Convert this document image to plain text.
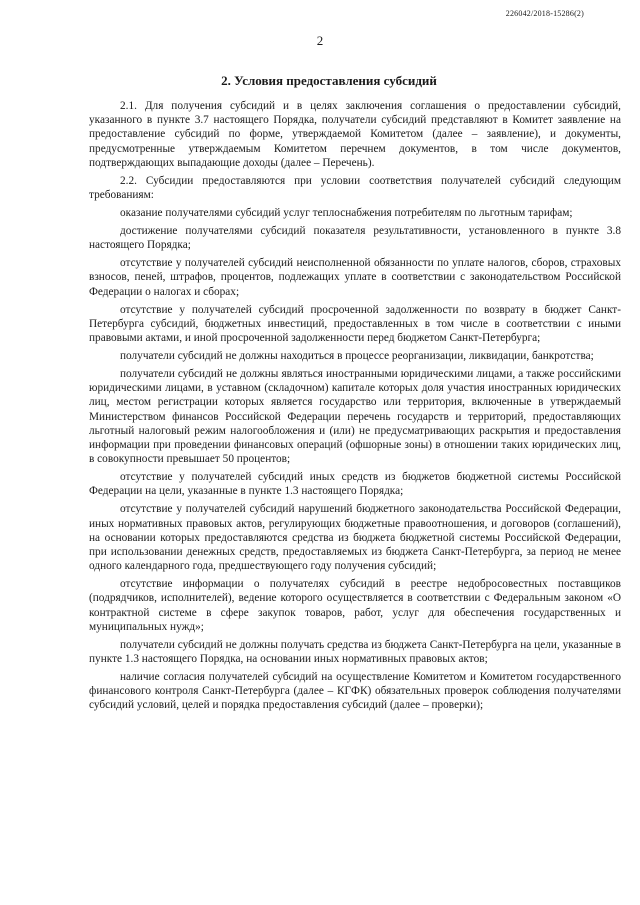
226042/2018-15286(2)
2
2. Условия предоставления субсидий

2.1. Для получения субсидий и в целях заключения соглашения о предоставлении субсидий, указанного в пункте 3.7 настоящего Порядка, получатели субсидий представляют в Комитет заявление на предоставление субсидий по форме, утверждаемой Комитетом (далее – заявление), и документы, предусмотренные утверждаемым Комитетом перечнем документов, в том числе документов, подтверждающих выпадающие доходы (далее – Перечень).

2.2. Субсидии предоставляются при условии соответствия получателей субсидий следующим требованиям:

оказание получателями субсидий услуг теплоснабжения потребителям по льготным тарифам;

достижение получателями субсидий показателя результативности, установленного в пункте 3.8 настоящего Порядка;

отсутствие у получателей субсидий неисполненной обязанности по уплате налогов, сборов, страховых взносов, пеней, штрафов, процентов, подлежащих уплате в соответствии с законодательством Российской Федерации о налогах и сборах;

отсутствие у получателей субсидий просроченной задолженности по возврату в бюджет Санкт-Петербурга субсидий, бюджетных инвестиций, предоставленных в том числе в соответствии с иными правовыми актами, и иной просроченной задолженности перед бюджетом Санкт-Петербурга;

получатели субсидий не должны находиться в процессе реорганизации, ликвидации, банкротства;

получатели субсидий не должны являться иностранными юридическими лицами, а также российскими юридическими лицами, в уставном (складочном) капитале которых доля участия иностранных юридических лиц, местом регистрации которых является государство или территория, включенные в утверждаемый Министерством финансов Российской Федерации перечень государств и территорий, предоставляющих льготный налоговый режим налогообложения и (или) не предусматривающих раскрытия и предоставления информации при проведении финансовых операций (офшорные зоны) в отношении таких юридических лиц, в совокупности превышает 50 процентов;

отсутствие у получателей субсидий иных средств из бюджетов бюджетной системы Российской Федерации на цели, указанные в пункте 1.3 настоящего Порядка;

отсутствие у получателей субсидий нарушений бюджетного законодательства Российской Федерации, иных нормативных правовых актов, регулирующих бюджетные правоотношения, и договоров (соглашений), на основании которых предоставляются средства из бюджета бюджетной системы Российской Федерации, при использовании денежных средств, предоставляемых из бюджета Санкт-Петербурга, за период не менее одного календарного года, предшествующего году получения субсидий;

отсутствие информации о получателях субсидий в реестре недобросовестных поставщиков (подрядчиков, исполнителей), ведение которого осуществляется в соответствии с Федеральным законом «О контрактной системе в сфере закупок товаров, работ, услуг для обеспечения государственных и муниципальных нужд»;

получатели субсидий не должны получать средства из бюджета Санкт-Петербурга на цели, указанные в пункте 1.3 настоящего Порядка, на основании иных нормативных правовых актов;

наличие согласия получателей субсидий на осуществление Комитетом и Комитетом государственного финансового контроля Санкт-Петербурга (далее – КГФК) обязательных проверок соблюдения получателями субсидий условий, целей и порядка предоставления субсидий (далее – проверки);
